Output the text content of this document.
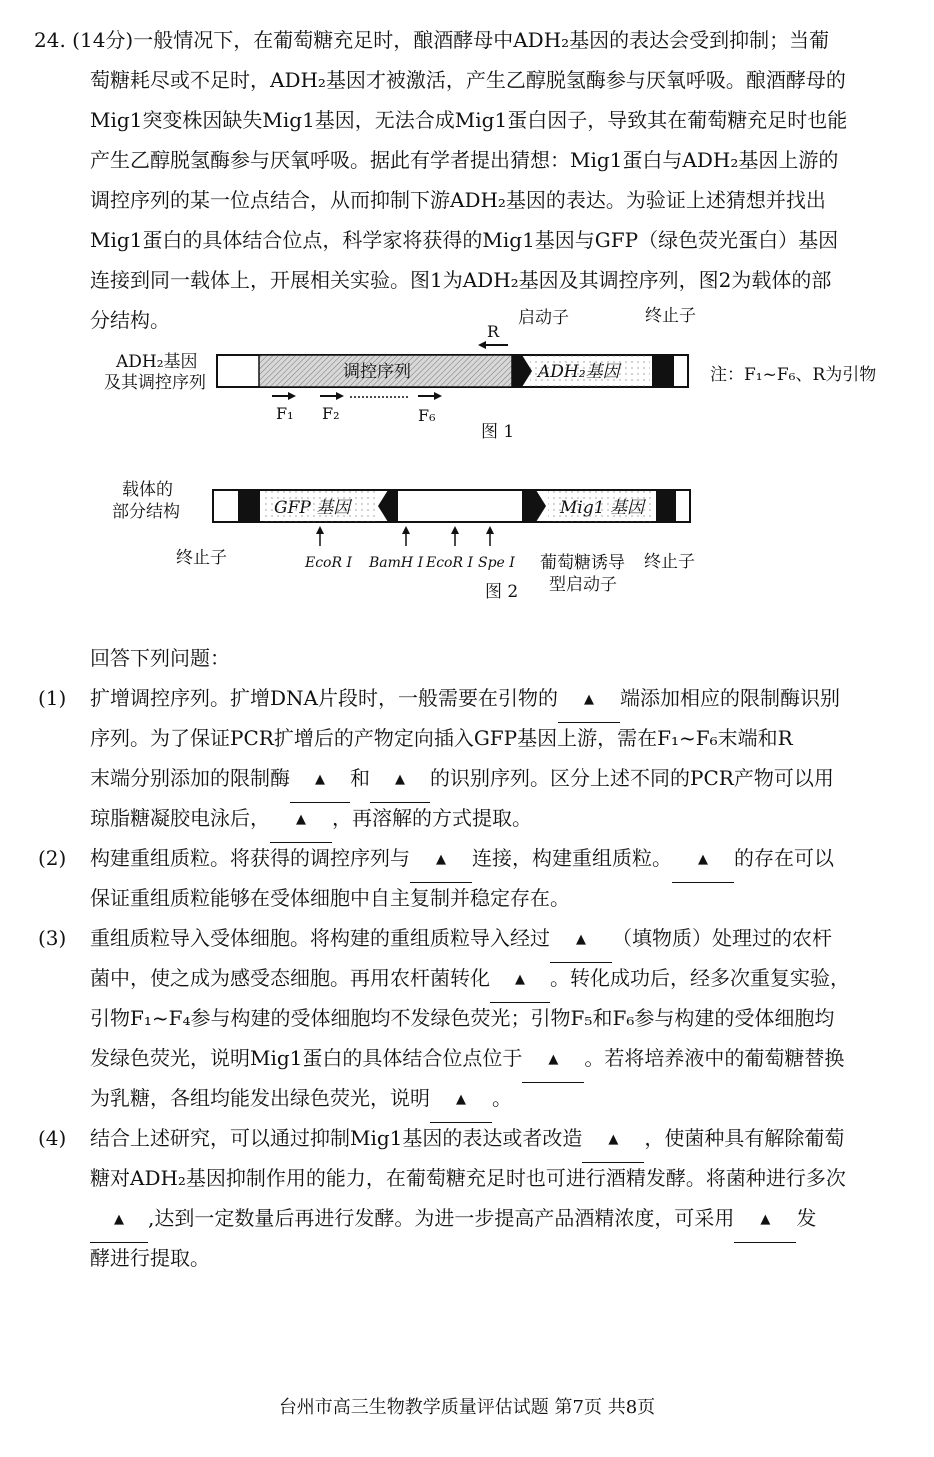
24. (14分)一般情况下，在葡萄糖充足时，酿酒酵母中ADH₂基因的表达会受到抑制；当葡
萄糖耗尽或不足时，ADH₂基因才被激活，产生乙醇脱氢酶参与厌氧呼吸。酿酒酵母的
Mig1突变株因缺失Mig1基因，无法合成Mig1蛋白因子，导致其在葡萄糖充足时也能
产生乙醇脱氢酶参与厌氧呼吸。据此有学者提出猜想：Mig1蛋白与ADH₂基因上游的
调控序列的某一位点结合，从而抑制下游ADH₂基因的表达。为验证上述猜想并找出
Mig1蛋白的具体结合位点，科学家将获得的Mig1基因与GFP（绿色荧光蛋白）基因
连接到同一载体上，开展相关实验。图1为ADH₂基因及其调控序列，图2为载体的部
分结构。
ADH₂基因
及其调控序列
调控序列	ADH₂基因
启动子	终止子
R
F₁ F₂	F₆
注：F₁~F₆、R为引物
图 1
载体的
部分结构	GFP 基因	Mig1 基因
终止子	终止子
EcoR Ⅰ BamH Ⅰ EcoR Ⅰ Spe Ⅰ 葡萄糖诱导
型启动子
图 2
回答下列问题：
(1) 扩增调控序列。扩增DNA片段时，一般需要在引物的 ▲ 端添加相应的限制酶识别
序列。为了保证PCR扩增后的产物定向插入GFP基因上游，需在F₁~F₆末端和R
末端分别添加的限制酶 ▲ 和 ▲ 的识别序列。区分上述不同的PCR产物可以用
琼脂糖凝胶电泳后， ▲ ，再溶解的方式提取。
(2) 构建重组质粒。将获得的调控序列与 ▲ 连接，构建重组质粒。 ▲ 的存在可以
保证重组质粒能够在受体细胞中自主复制并稳定存在。
(3) 重组质粒导入受体细胞。将构建的重组质粒导入经过 ▲ （填物质）处理过的农杆
菌中，使之成为感受态细胞。再用农杆菌转化 ▲ 。转化成功后，经多次重复实验，
引物F₁~F₄参与构建的受体细胞均不发绿色荧光；引物F₅和F₆参与构建的受体细胞均
发绿色荧光，说明Mig1蛋白的具体结合位点位于 ▲ 。若将培养液中的葡萄糖替换
为乳糖，各组均能发出绿色荧光，说明 ▲ 。
(4) 结合上述研究，可以通过抑制Mig1基因的表达或者改造 ▲ ，使菌种具有解除葡萄
糖对ADH₂基因抑制作用的能力，在葡萄糖充足时也可进行酒精发酵。将菌种进行多次
▲ ,达到一定数量后再进行发酵。为进一步提高产品酒精浓度，可采用 ▲ 发
酵进行提取。
台州市高三生物教学质量评估试题 第7页 共8页
